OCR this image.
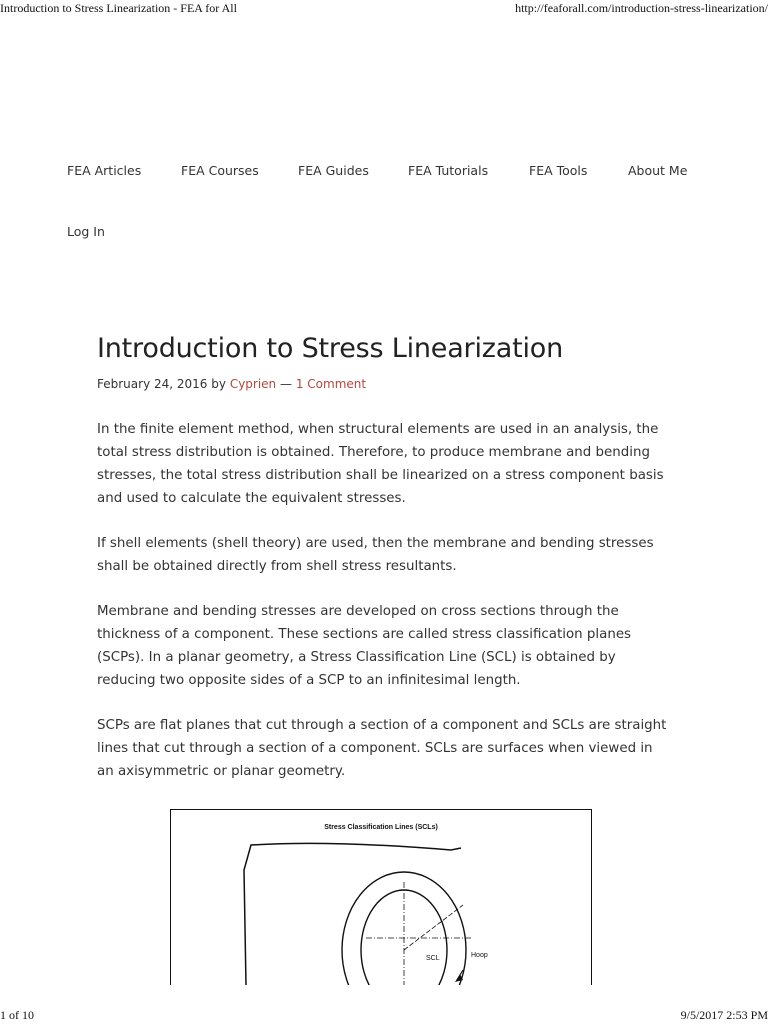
Introduction to Stress Linearization - FEA for All	http://feaforall.com/introduction-stress-linearization/
FEA Articles	FEA Courses	FEA Guides	FEA Tutorials	FEA Tools	About Me
Log In
Introduction to Stress Linearization
February 24, 2016 by Cyprien — 1 Comment

In the finite element method, when structural elements are used in an analysis, the total stress distribution is obtained. Therefore, to produce membrane and bending stresses, the total stress distribution shall be linearized on a stress component basis and used to calculate the equivalent stresses.

If shell elements (shell theory) are used, then the membrane and bending stresses shall be obtained directly from shell stress resultants.

Membrane and bending stresses are developed on cross sections through the thickness of a component. These sections are called stress classification planes (SCPs). In a planar geometry, a Stress Classification Line (SCL) is obtained by reducing two opposite sides of a SCP to an infinitesimal length.

SCPs are flat planes that cut through a section of a component and SCLs are straight lines that cut through a section of a component. SCLs are surfaces when viewed in an axisymmetric or planar geometry.

Stress Classification Lines (SCLs)
SCL	Hoop
1 of 10	9/5/2017 2:53 PM
